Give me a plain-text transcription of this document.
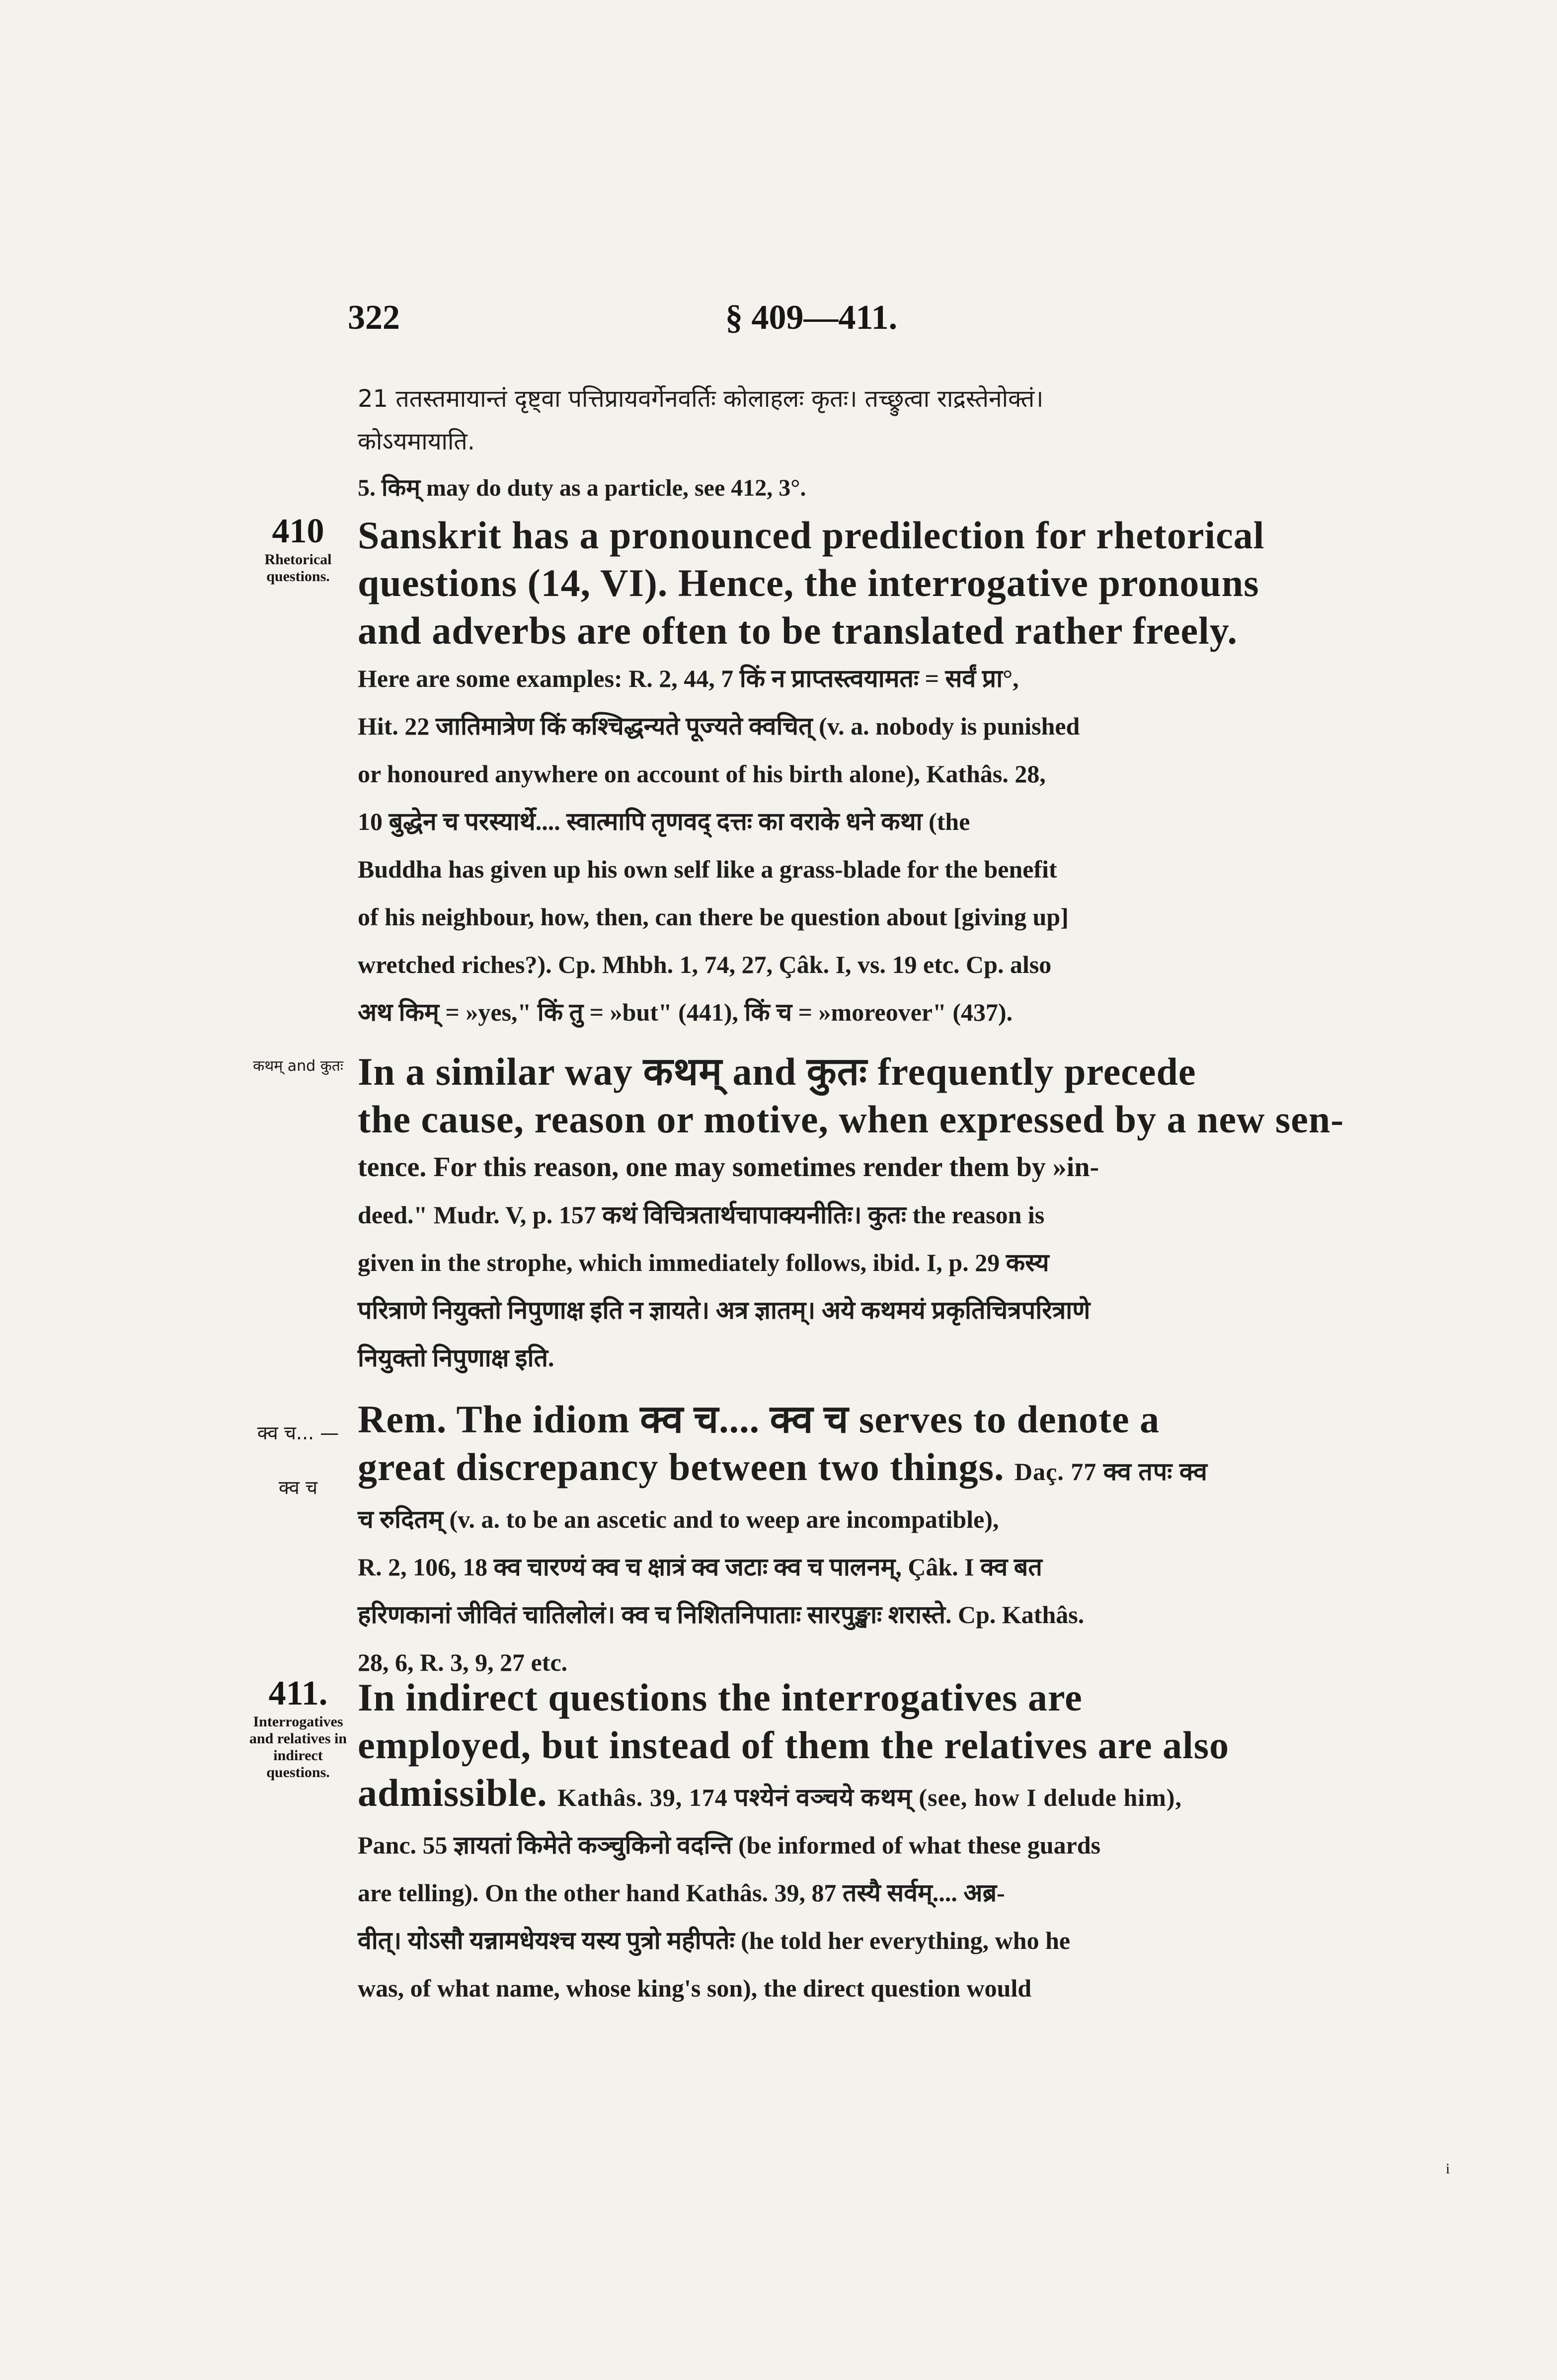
322	§ 409—411.
21 ततस्तमायान्तं दृष्ट्वा पत्तिप्रायवर्गेनवर्तिः कोलाहलः कृतः। तच्छ्रुत्वा राद्रस्तेनोक्तं।
कोऽयमायाति.
5. किम् may do duty as a particle, see 412, 3°.
410
Rhetorical questions.
Sanskrit has a pronounced predilection for rhetorical
questions (14, VI). Hence, the interrogative pronouns
and adverbs are often to be translated rather freely.
Here are some examples: R. 2, 44, 7 किं न प्राप्तस्त्वयामतः = सर्वं प्रा°,
Hit. 22 जातिमात्रेण किं कश्चिद्धन्यते पूज्यते क्वचित् (v. a. nobody is punished
or honoured anywhere on account of his birth alone), Kathâs. 28,
10 बुद्धेन च परस्यार्थे.... स्वात्मापि तृणवद् दत्तः का वराके धने कथा (the
Buddha has given up his own self like a grass-blade for the benefit
of his neighbour, how, then, can there be question about [giving up]
wretched riches?). Cp. Mhbh. 1, 74, 27, Çâk. I, vs. 19 etc. Cp. also
अथ किम् = »yes," किं तु = »but" (441), किं च = »moreover" (437).
कथम् and कुतः In a similar way कथम् and कुतः frequently precede
the cause, reason or motive, when expressed by a new sen-
tence. For this reason, one may sometimes render them by »in-
deed." Mudr. V, p. 157 कथं विचित्रतार्थचापाक्यनीतिः। कुतः the reason is
given in the strophe, which immediately follows, ibid. I, p. 29 कस्य
परित्राणे नियुक्तो निपुणाक्ष इति न ज्ञायते। अत्र ज्ञातम्। अये कथमयं प्रकृतिचित्रपरित्राणे
नियुक्तो निपुणाक्ष इति.
क्व च... —क्व च
Rem. The idiom क्व च.... क्व च serves to denote a
great discrepancy between two things. Daç. 77 क्व तपः क्व
च रुदितम् (v. a. to be an ascetic and to weep are incompatible),
R. 2, 106, 18 क्व चारण्यं क्व च क्षात्रं क्व जटाः क्व च पालनम्, Çâk. I क्व बत
हरिणकानां जीवितं चातिलोलं। क्व च निशितनिपाताः सारपुङ्खाः शरास्ते. Cp. Kathâs.
28, 6, R. 3, 9, 27 etc.
411.
Interrogatives and relatives in indirect questions.
In indirect questions the interrogatives are
employed, but instead of them the relatives are also
admissible. Kathâs. 39, 174 पश्येनं वञ्चये कथम् (see, how I delude him),
Panc. 55 ज्ञायतां किमेते कञ्चुकिनो वदन्ति (be informed of what these guards
are telling). On the other hand Kathâs. 39, 87 तस्यै सर्वम्.... अब्र-
वीत्। योऽसौ यन्नामधेयश्च यस्य पुत्रो महीपतेः (he told her everything, who he
was, of what name, whose king's son), the direct question would
i
